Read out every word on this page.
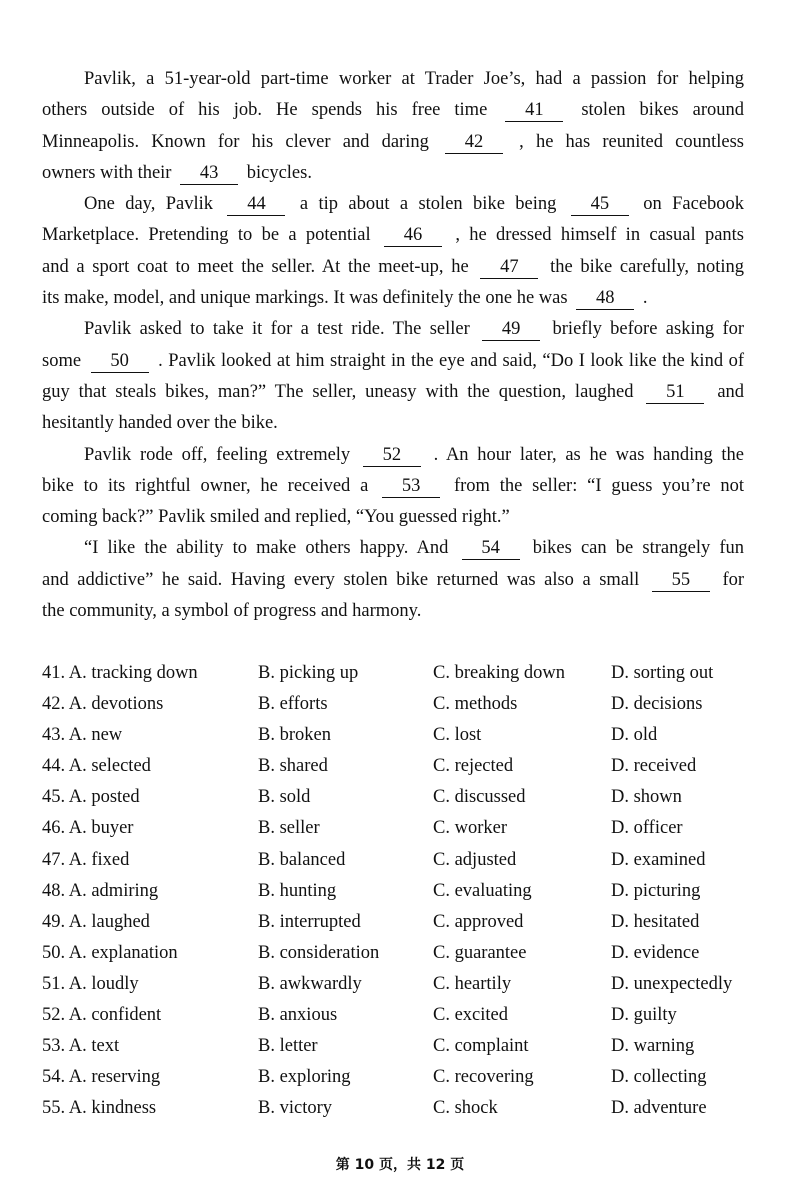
Pavlik, a 51-year-old part-time worker at Trader Joe’s, had a passion for helping
others outside of his job. He spends his free time 41 stolen bikes around
Minneapolis. Known for his clever and daring 42 , he has reunited countless
owners with their 43 bicycles.
One day, Pavlik 44 a tip about a stolen bike being 45 on Facebook
Marketplace. Pretending to be a potential 46 , he dressed himself in casual pants
and a sport coat to meet the seller. At the meet-up, he 47 the bike carefully, noting
its make, model, and unique markings. It was definitely the one he was 48 .
Pavlik asked to take it for a test ride. The seller 49 briefly before asking for
some 50 . Pavlik looked at him straight in the eye and said, “Do I look like the kind of
guy that steals bikes, man?” The seller, uneasy with the question, laughed 51 and
hesitantly handed over the bike.
Pavlik rode off, feeling extremely 52 . An hour later, as he was handing the
bike to its rightful owner, he received a 53 from the seller: “I guess you’re not
coming back?” Pavlik smiled and replied, “You guessed right.”
“I like the ability to make others happy. And 54 bikes can be strangely fun
and addictive” he said. Having every stolen bike returned was also a small 55 for
the community, a symbol of progress and harmony.
41. A. tracking down	B. picking up	C. breaking down D. sorting out
42. A. devotions	B. efforts	C. methods	D. decisions
43. A. new	B. broken	C. lost	D. old
44. A. selected	B. shared	C. rejected	D. received
45. A. posted	B. sold	C. discussed	D. shown
46. A. buyer	B. seller	C. worker	D. officer
47. A. fixed	B. balanced	C. adjusted	D. examined
48. A. admiring	B. hunting	C. evaluating	D. picturing
49. A. laughed	B. interrupted	C. approved	D. hesitated
50. A. explanation	B. consideration	C. guarantee	D. evidence
51. A. loudly	B. awkwardly	C. heartily	D. unexpectedly
52. A. confident	B. anxious	C. excited	D. guilty
53. A. text	B. letter	C. complaint	D. warning
54. A. reserving	B. exploring	C. recovering	D. collecting
55. A. kindness	B. victory	C. shock	D. adventure
第 10 页，共 12 页
